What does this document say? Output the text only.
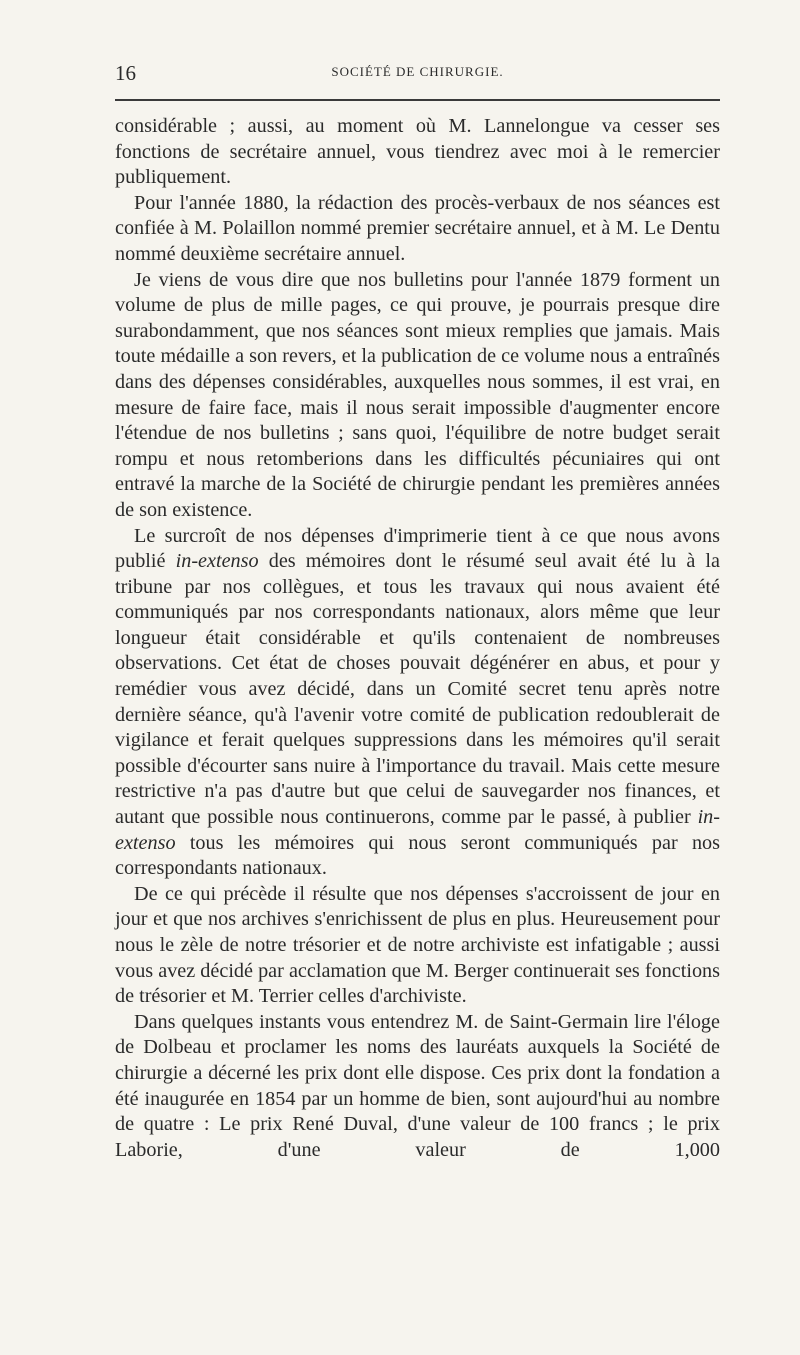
16	SOCIÉTÉ DE CHIRURGIE.

considérable ; aussi, au moment où M. Lannelongue va cesser ses fonctions de secrétaire annuel, vous tiendrez avec moi à le remercier publiquement.

Pour l'année 1880, la rédaction des procès-verbaux de nos séances est confiée à M. Polaillon nommé premier secrétaire annuel, et à M. Le Dentu nommé deuxième secrétaire annuel.

Je viens de vous dire que nos bulletins pour l'année 1879 forment un volume de plus de mille pages, ce qui prouve, je pourrais presque dire surabondamment, que nos séances sont mieux remplies que jamais. Mais toute médaille a son revers, et la publication de ce volume nous a entraînés dans des dépenses considérables, auxquelles nous sommes, il est vrai, en mesure de faire face, mais il nous serait impossible d'augmenter encore l'étendue de nos bulletins ; sans quoi, l'équilibre de notre budget serait rompu et nous retomberions dans les difficultés pécuniaires qui ont entravé la marche de la Société de chirurgie pendant les premières années de son existence.

Le surcroît de nos dépenses d'imprimerie tient à ce que nous avons publié in-extenso des mémoires dont le résumé seul avait été lu à la tribune par nos collègues, et tous les travaux qui nous avaient été communiqués par nos correspondants nationaux, alors même que leur longueur était considérable et qu'ils contenaient de nombreuses observations. Cet état de choses pouvait dégénérer en abus, et pour y remédier vous avez décidé, dans un Comité secret tenu après notre dernière séance, qu'à l'avenir votre comité de publication redoublerait de vigilance et ferait quelques suppressions dans les mémoires qu'il serait possible d'écourter sans nuire à l'importance du travail. Mais cette mesure restrictive n'a pas d'autre but que celui de sauvegarder nos finances, et autant que possible nous continuerons, comme par le passé, à publier in-extenso tous les mémoires qui nous seront communiqués par nos correspondants nationaux.

De ce qui précède il résulte que nos dépenses s'accroissent de jour en jour et que nos archives s'enrichissent de plus en plus. Heureusement pour nous le zèle de notre trésorier et de notre archiviste est infatigable ; aussi vous avez décidé par acclamation que M. Berger continuerait ses fonctions de trésorier et M. Terrier celles d'archiviste.

Dans quelques instants vous entendrez M. de Saint-Germain lire l'éloge de Dolbeau et proclamer les noms des lauréats auxquels la Société de chirurgie a décerné les prix dont elle dispose. Ces prix dont la fondation a été inaugurée en 1854 par un homme de bien, sont aujourd'hui au nombre de quatre : Le prix René Duval, d'une valeur de 100 francs ; le prix Laborie, d'une valeur de 1,000
